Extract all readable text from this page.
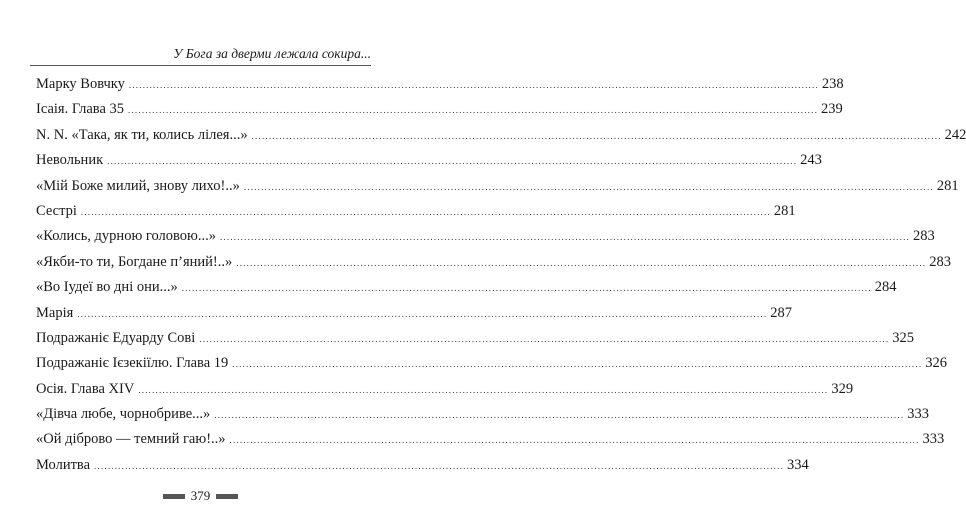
У Бога за дверми лежала сокира...
Марку Вовчку ........................................................................................................................................................................................................ 238
Ісаія. Глава 35 ........................................................................................................................................................................................................ 239
N. N. «Така, як ти, колись лілея...» ........................................................................................................................................................................................................ 242
Невольник ........................................................................................................................................................................................................ 243
«Мій Боже милий, знову лихо!..» ........................................................................................................................................................................................................ 281
Сестрі ........................................................................................................................................................................................................ 281
«Колись, дурною головою...» ........................................................................................................................................................................................................ 283
«Якби-то ти, Богдане п’яний!..» ........................................................................................................................................................................................................ 283
«Во Іудеї во дні они...» ........................................................................................................................................................................................................ 284
Марія ........................................................................................................................................................................................................ 287
Подражаніє Едуарду Сові ........................................................................................................................................................................................................ 325
Подражаніє Ієзекіїлю. Глава 19 ........................................................................................................................................................................................................ 326
Осія. Глава XIV ........................................................................................................................................................................................................ 329
«Дівча любе, чорнобриве...» ........................................................................................................................................................................................................ 333
«Ой діброво — темний гаю!..» ........................................................................................................................................................................................................ 333
Молитва ........................................................................................................................................................................................................ 334
379
